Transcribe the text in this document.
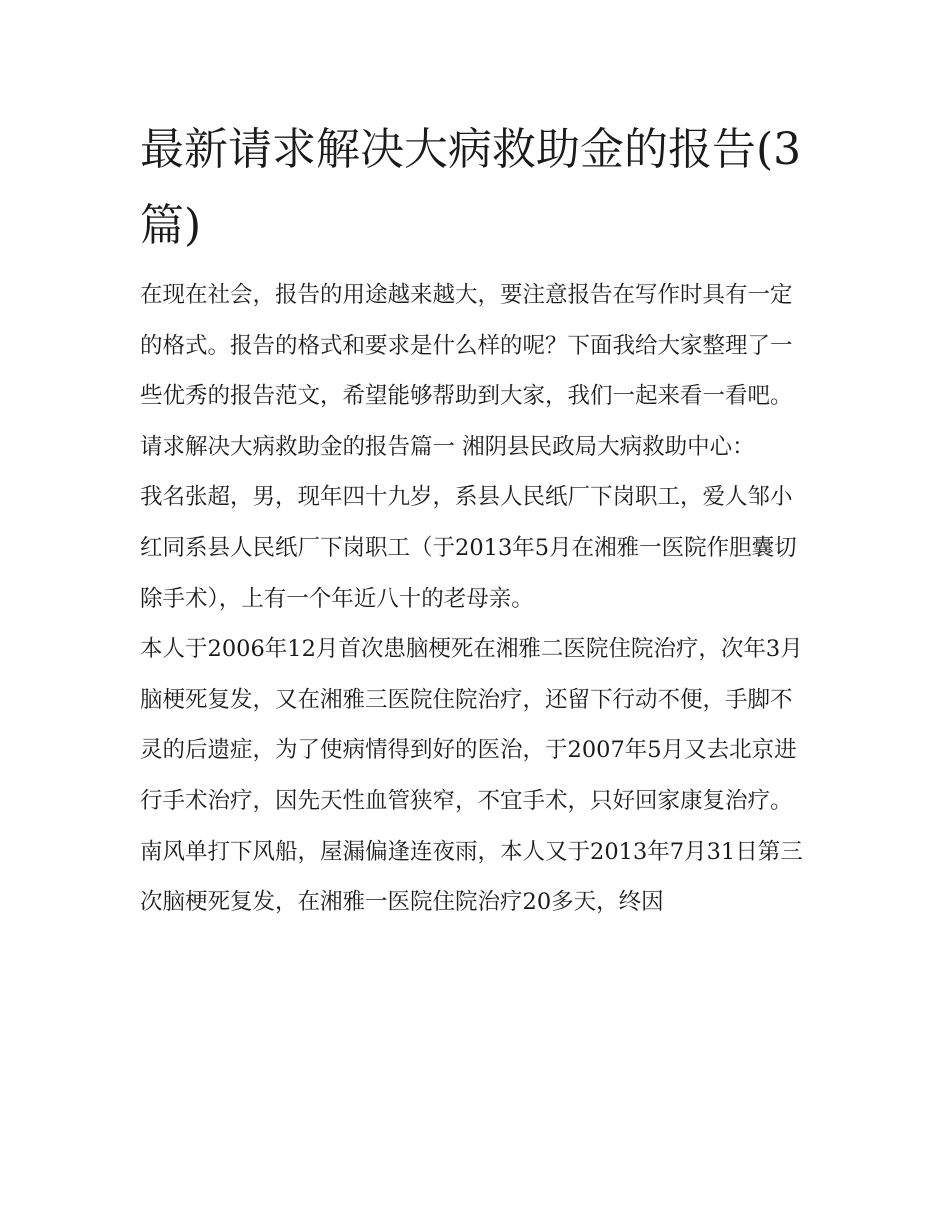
最新请求解决大病救助金的报告(3篇)

在现在社会，报告的用途越来越大，要注意报告在写作时具有一定的格式。报告的格式和要求是什么样的呢？下面我给大家整理了一些优秀的报告范文，希望能够帮助到大家，我们一起来看一看吧。

请求解决大病救助金的报告篇一 湘阴县民政局大病救助中心：

我名张超，男，现年四十九岁，系县人民纸厂下岗职工，爱人邹小红同系县人民纸厂下岗职工（于2013年5月在湘雅一医院作胆囊切除手术），上有一个年近八十的老母亲。

本人于2006年12月首次患脑梗死在湘雅二医院住院治疗，次年3月脑梗死复发，又在湘雅三医院住院治疗，还留下行动不便，手脚不灵的后遗症，为了使病情得到好的医治，于2007年5月又去北京进行手术治疗，因先天性血管狭窄，不宜手术，只好回家康复治疗。

南风单打下风船，屋漏偏逢连夜雨，本人又于2013年7月31日第三次脑梗死复发，在湘雅一医院住院治疗20多天，终因
